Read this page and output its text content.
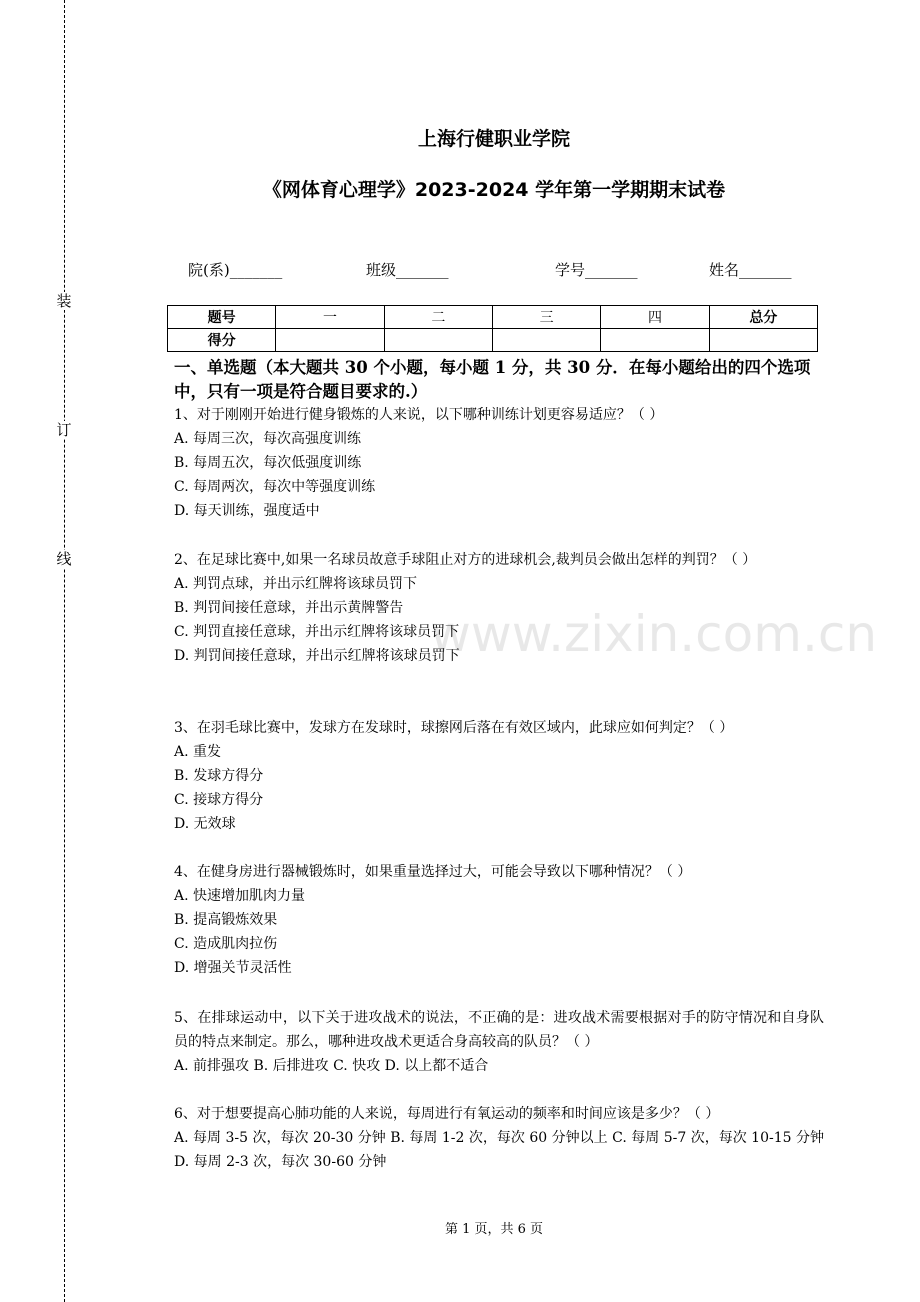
装
订
线
上海行健职业学院
《网体育心理学》2023-2024 学年第一学期期末试卷
院(系)_______	班级_______	学号_______	姓名_______
题号	一	二	三	四	总分
得分					
一、单选题（本大题共 30 个小题，每小题 1 分，共 30 分．在每小题给出的四个选项中，只有一项是符合题目要求的.）

1、对于刚刚开始进行健身锻炼的人来说，以下哪种训练计划更容易适应？（ ）

A. 每周三次，每次高强度训练

B. 每周五次，每次低强度训练

C. 每周两次，每次中等强度训练

D. 每天训练，强度适中

2、在足球比赛中,如果一名球员故意手球阻止对方的进球机会,裁判员会做出怎样的判罚？（ ）

A. 判罚点球，并出示红牌将该球员罚下

B. 判罚间接任意球，并出示黄牌警告

C. 判罚直接任意球，并出示红牌将该球员罚下

D. 判罚间接任意球，并出示红牌将该球员罚下

3、在羽毛球比赛中，发球方在发球时，球擦网后落在有效区域内，此球应如何判定？（ ）

A. 重发

B. 发球方得分

C. 接球方得分

D. 无效球

4、在健身房进行器械锻炼时，如果重量选择过大，可能会导致以下哪种情况？（ ）

A. 快速增加肌肉力量

B. 提高锻炼效果

C. 造成肌肉拉伤

D. 增强关节灵活性

5、在排球运动中，以下关于进攻战术的说法，不正确的是：进攻战术需要根据对手的防守情况和自身队员的特点来制定。那么，哪种进攻战术更适合身高较高的队员？（ ）

A. 前排强攻 B. 后排进攻 C. 快攻 D. 以上都不适合

6、对于想要提高心肺功能的人来说，每周进行有氧运动的频率和时间应该是多少？（ ）

A. 每周 3-5 次，每次 20-30 分钟 B. 每周 1-2 次，每次 60 分钟以上 C. 每周 5-7 次，每次 10-15 分钟 D. 每周 2-3 次，每次 30-60 分钟

www.zixin.com.cn
第 1 页，共 6 页
